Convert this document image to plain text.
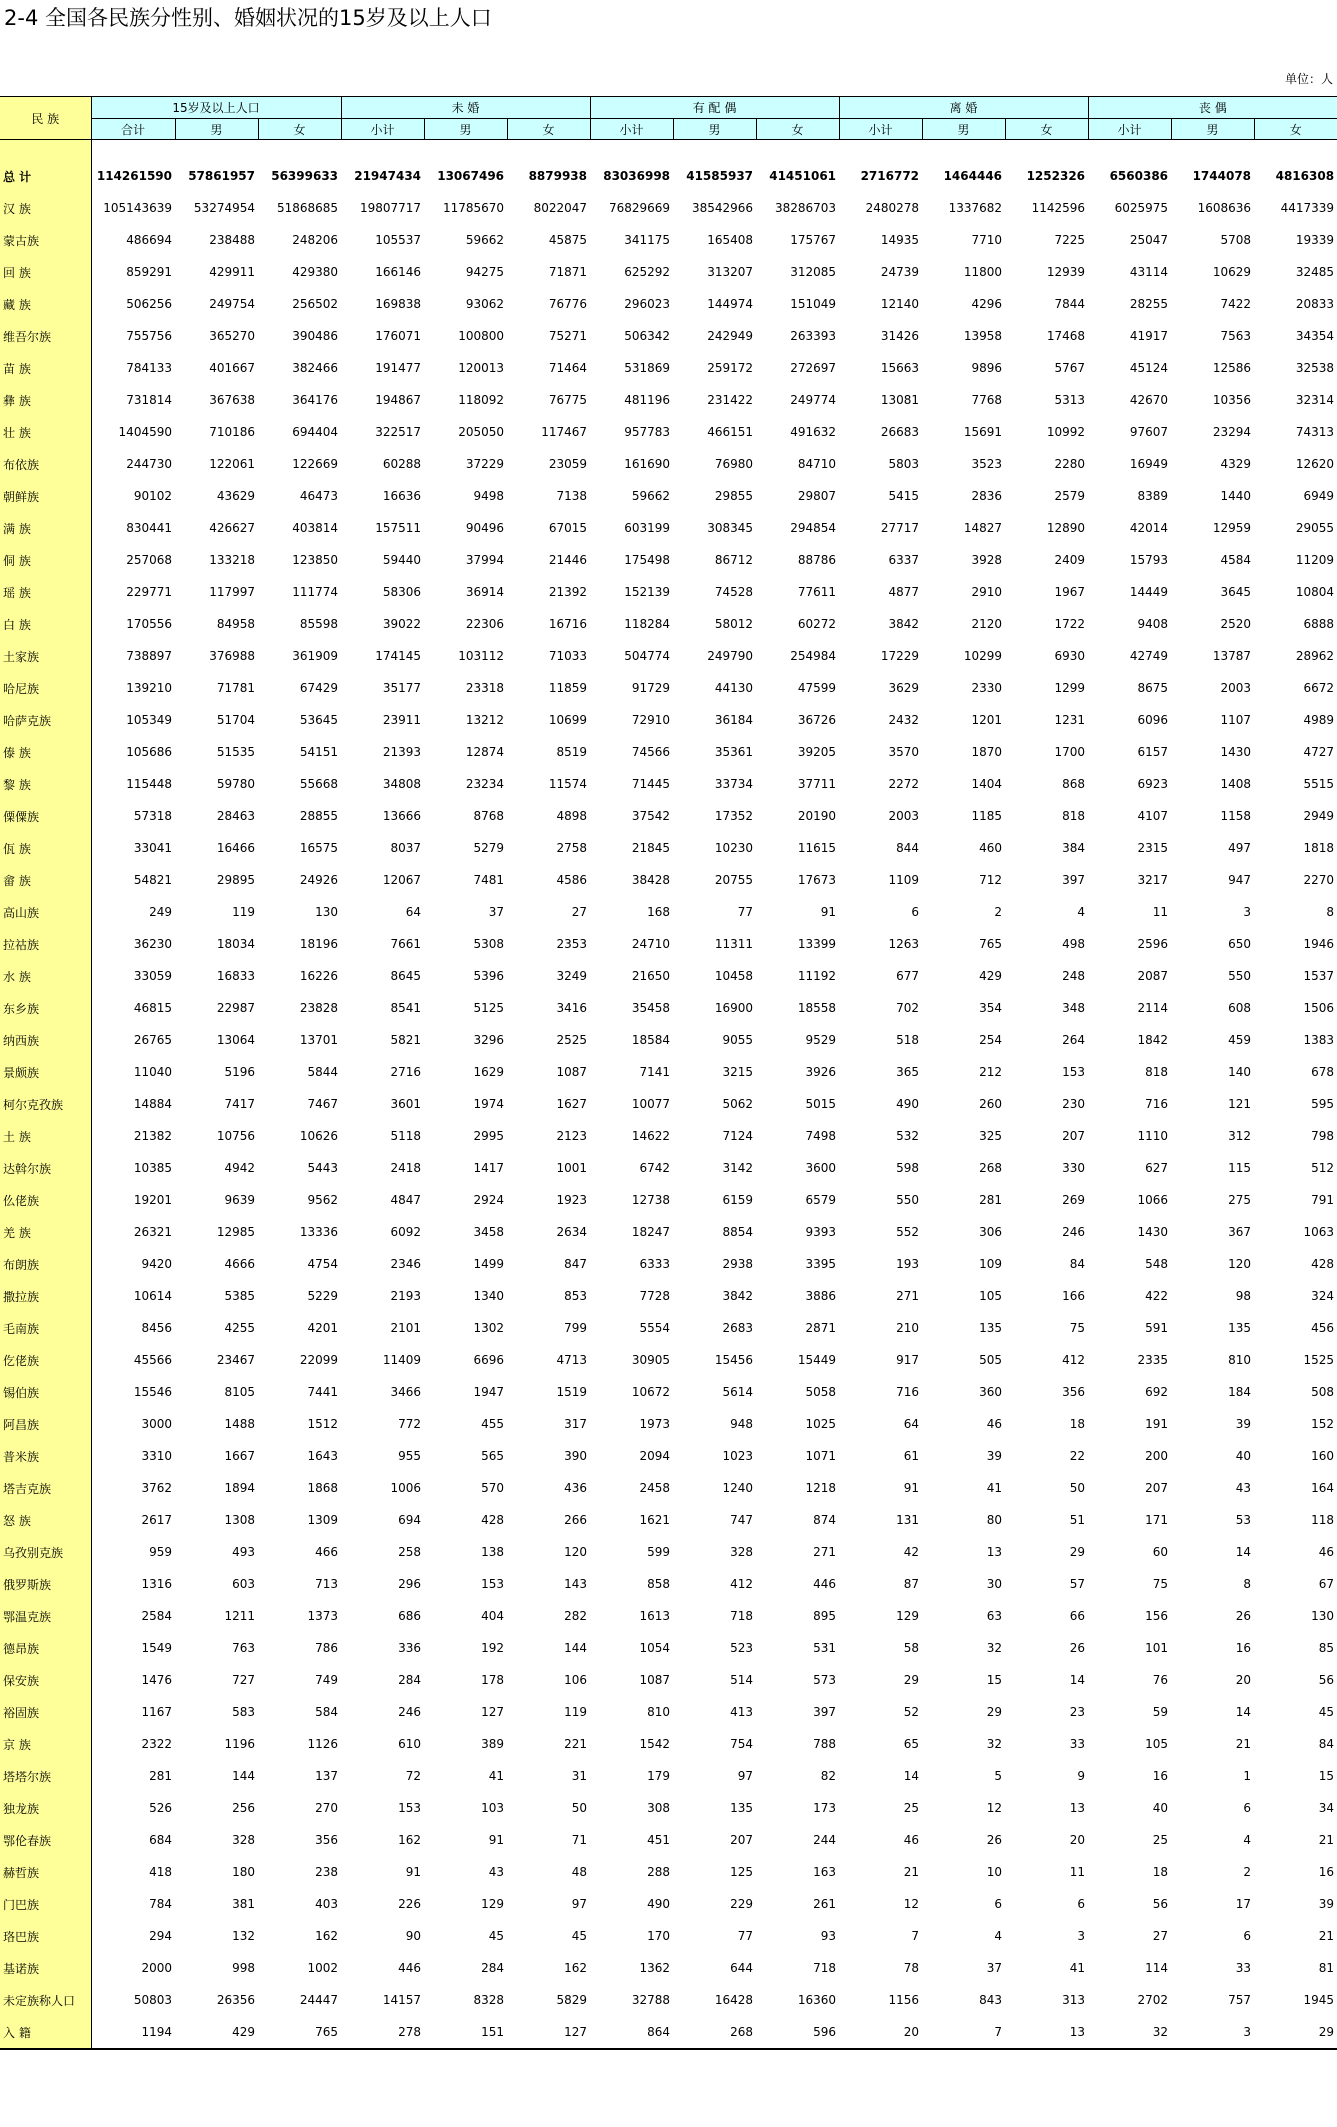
2-4 全国各民族分性别、婚姻状况的15岁及以上人口
单位：人
民 族	15岁及以上人口			未 婚			有 配 偶			离 婚			丧 偶		
	合计	男	女	小计	男	女	小计	男	女	小计	男	女	小计	男	女

总 计	114261590	57861957	56399633	21947434	13067496	8879938	83036998	41585937	41451061	2716772	1464446	1252326	6560386	1744078	4816308
汉 族	105143639	53274954	51868685	19807717	11785670	8022047	76829669	38542966	38286703	2480278	1337682	1142596	6025975	1608636	4417339
蒙古族	486694	238488	248206	105537	59662	45875	341175	165408	175767	14935	7710	7225	25047	5708	19339
回 族	859291	429911	429380	166146	94275	71871	625292	313207	312085	24739	11800	12939	43114	10629	32485
藏 族	506256	249754	256502	169838	93062	76776	296023	144974	151049	12140	4296	7844	28255	7422	20833
维吾尔族	755756	365270	390486	176071	100800	75271	506342	242949	263393	31426	13958	17468	41917	7563	34354
苗 族	784133	401667	382466	191477	120013	71464	531869	259172	272697	15663	9896	5767	45124	12586	32538
彝 族	731814	367638	364176	194867	118092	76775	481196	231422	249774	13081	7768	5313	42670	10356	32314
壮 族	1404590	710186	694404	322517	205050	117467	957783	466151	491632	26683	15691	10992	97607	23294	74313
布依族	244730	122061	122669	60288	37229	23059	161690	76980	84710	5803	3523	2280	16949	4329	12620
朝鲜族	90102	43629	46473	16636	9498	7138	59662	29855	29807	5415	2836	2579	8389	1440	6949
满 族	830441	426627	403814	157511	90496	67015	603199	308345	294854	27717	14827	12890	42014	12959	29055
侗 族	257068	133218	123850	59440	37994	21446	175498	86712	88786	6337	3928	2409	15793	4584	11209
瑶 族	229771	117997	111774	58306	36914	21392	152139	74528	77611	4877	2910	1967	14449	3645	10804
白 族	170556	84958	85598	39022	22306	16716	118284	58012	60272	3842	2120	1722	9408	2520	6888
土家族	738897	376988	361909	174145	103112	71033	504774	249790	254984	17229	10299	6930	42749	13787	28962
哈尼族	139210	71781	67429	35177	23318	11859	91729	44130	47599	3629	2330	1299	8675	2003	6672
哈萨克族	105349	51704	53645	23911	13212	10699	72910	36184	36726	2432	1201	1231	6096	1107	4989
傣 族	105686	51535	54151	21393	12874	8519	74566	35361	39205	3570	1870	1700	6157	1430	4727
黎 族	115448	59780	55668	34808	23234	11574	71445	33734	37711	2272	1404	868	6923	1408	5515
傈僳族	57318	28463	28855	13666	8768	4898	37542	17352	20190	2003	1185	818	4107	1158	2949
佤 族	33041	16466	16575	8037	5279	2758	21845	10230	11615	844	460	384	2315	497	1818
畲 族	54821	29895	24926	12067	7481	4586	38428	20755	17673	1109	712	397	3217	947	2270
高山族	249	119	130	64	37	27	168	77	91	6	2	4	11	3	8
拉祜族	36230	18034	18196	7661	5308	2353	24710	11311	13399	1263	765	498	2596	650	1946
水 族	33059	16833	16226	8645	5396	3249	21650	10458	11192	677	429	248	2087	550	1537
东乡族	46815	22987	23828	8541	5125	3416	35458	16900	18558	702	354	348	2114	608	1506
纳西族	26765	13064	13701	5821	3296	2525	18584	9055	9529	518	254	264	1842	459	1383
景颇族	11040	5196	5844	2716	1629	1087	7141	3215	3926	365	212	153	818	140	678
柯尔克孜族	14884	7417	7467	3601	1974	1627	10077	5062	5015	490	260	230	716	121	595
土 族	21382	10756	10626	5118	2995	2123	14622	7124	7498	532	325	207	1110	312	798
达斡尔族	10385	4942	5443	2418	1417	1001	6742	3142	3600	598	268	330	627	115	512
仫佬族	19201	9639	9562	4847	2924	1923	12738	6159	6579	550	281	269	1066	275	791
羌 族	26321	12985	13336	6092	3458	2634	18247	8854	9393	552	306	246	1430	367	1063
布朗族	9420	4666	4754	2346	1499	847	6333	2938	3395	193	109	84	548	120	428
撒拉族	10614	5385	5229	2193	1340	853	7728	3842	3886	271	105	166	422	98	324
毛南族	8456	4255	4201	2101	1302	799	5554	2683	2871	210	135	75	591	135	456
仡佬族	45566	23467	22099	11409	6696	4713	30905	15456	15449	917	505	412	2335	810	1525
锡伯族	15546	8105	7441	3466	1947	1519	10672	5614	5058	716	360	356	692	184	508
阿昌族	3000	1488	1512	772	455	317	1973	948	1025	64	46	18	191	39	152
普米族	3310	1667	1643	955	565	390	2094	1023	1071	61	39	22	200	40	160
塔吉克族	3762	1894	1868	1006	570	436	2458	1240	1218	91	41	50	207	43	164
怒 族	2617	1308	1309	694	428	266	1621	747	874	131	80	51	171	53	118
乌孜别克族	959	493	466	258	138	120	599	328	271	42	13	29	60	14	46
俄罗斯族	1316	603	713	296	153	143	858	412	446	87	30	57	75	8	67
鄂温克族	2584	1211	1373	686	404	282	1613	718	895	129	63	66	156	26	130
德昂族	1549	763	786	336	192	144	1054	523	531	58	32	26	101	16	85
保安族	1476	727	749	284	178	106	1087	514	573	29	15	14	76	20	56
裕固族	1167	583	584	246	127	119	810	413	397	52	29	23	59	14	45
京 族	2322	1196	1126	610	389	221	1542	754	788	65	32	33	105	21	84
塔塔尔族	281	144	137	72	41	31	179	97	82	14	5	9	16	1	15
独龙族	526	256	270	153	103	50	308	135	173	25	12	13	40	6	34
鄂伦春族	684	328	356	162	91	71	451	207	244	46	26	20	25	4	21
赫哲族	418	180	238	91	43	48	288	125	163	21	10	11	18	2	16
门巴族	784	381	403	226	129	97	490	229	261	12	6	6	56	17	39
珞巴族	294	132	162	90	45	45	170	77	93	7	4	3	27	6	21
基诺族	2000	998	1002	446	284	162	1362	644	718	78	37	41	114	33	81
未定族称人口	50803	26356	24447	14157	8328	5829	32788	16428	16360	1156	843	313	2702	757	1945
入 籍	1194	429	765	278	151	127	864	268	596	20	7	13	32	3	29
